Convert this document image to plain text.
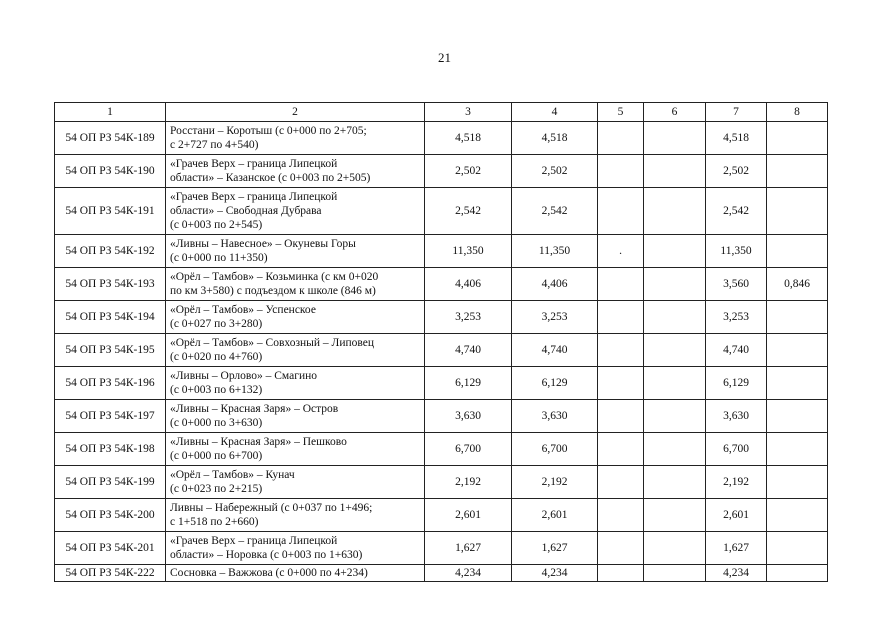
21
1	2	3	4	5	6	7	8
54 ОП РЗ 54К-189	Росстани – Коротыш (с 0+000 по 2+705;
с 2+727 по 4+540)	4,518	4,518			4,518	
54 ОП РЗ 54К-190	«Грачев Верх – граница Липецкой
области» – Казанское (с 0+003 по 2+505)	2,502	2,502			2,502	
54 ОП РЗ 54К-191	«Грачев Верх – граница Липецкой
области» – Свободная Дубрава
(с 0+003 по 2+545)	2,542	2,542			2,542	
54 ОП РЗ 54К-192	«Ливны – Навесное» – Окуневы Горы
(с 0+000 по 11+350)	11,350	11,350	.		11,350	
54 ОП РЗ 54К-193	«Орёл – Тамбов» – Козьминка (с км 0+020
по км 3+580) с подъездом к школе (846 м)	4,406	4,406			3,560	0,846
54 ОП РЗ 54К-194	«Орёл – Тамбов» – Успенское
(с 0+027 по 3+280)	3,253	3,253			3,253	
54 ОП РЗ 54К-195	«Орёл – Тамбов» – Совхозный – Липовец
(с 0+020 по 4+760)	4,740	4,740			4,740	
54 ОП РЗ 54К-196	«Ливны – Орлово» – Смагино
(с 0+003 по 6+132)	6,129	6,129			6,129	
54 ОП РЗ 54К-197	«Ливны – Красная Заря» – Остров
(с 0+000 по 3+630)	3,630	3,630			3,630	
54 ОП РЗ 54К-198	«Ливны – Красная Заря» – Пешково
(с 0+000 по 6+700)	6,700	6,700			6,700	
54 ОП РЗ 54К-199	«Орёл – Тамбов» – Кунач
(с 0+023 по 2+215)	2,192	2,192			2,192	
54 ОП РЗ 54К-200	Ливны – Набережный (с 0+037 по 1+496;
с 1+518 по 2+660)	2,601	2,601			2,601	
54 ОП РЗ 54К-201	«Грачев Верх – граница Липецкой
области» – Норовка (с 0+003 по 1+630)	1,627	1,627			1,627	
54 ОП РЗ 54К-222	Сосновка – Важжова (с 0+000 по 4+234)	4,234	4,234			4,234	
